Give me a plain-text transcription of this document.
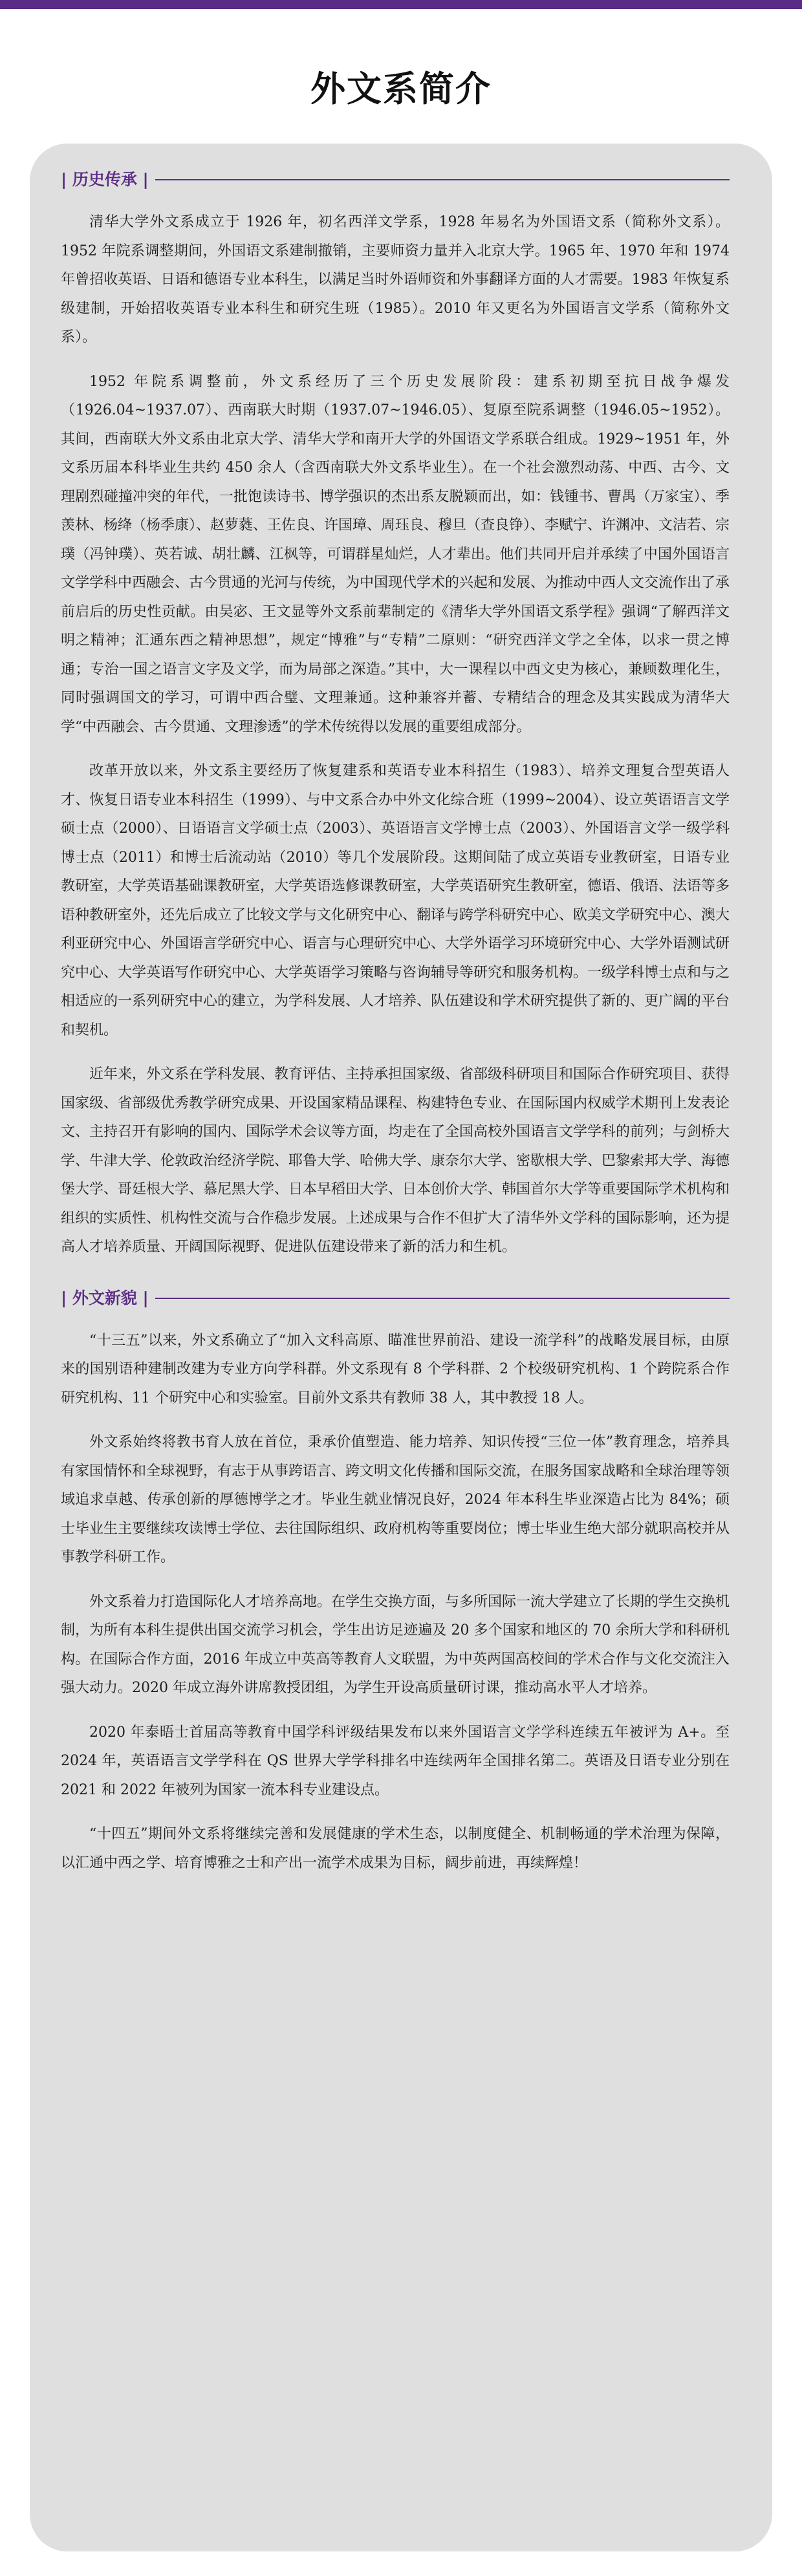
外文系简介
| 历史传承 |

清华大学外文系成立于 1926 年，初名西洋文学系，1928 年易名为外国语文系（简称外文系）。1952 年院系调整期间，外国语文系建制撤销，主要师资力量并入北京大学。1965 年、1970 年和 1974 年曾招收英语、日语和德语专业本科生，以满足当时外语师资和外事翻译方面的人才需要。1983 年恢复系级建制，开始招收英语专业本科生和研究生班（1985）。2010 年又更名为外国语言文学系（简称外文系）。

1952 年院系调整前，外文系经历了三个历史发展阶段：建系初期至抗日战争爆发（1926.04~1937.07）、西南联大时期（1937.07~1946.05）、复原至院系调整（1946.05~1952）。其间，西南联大外文系由北京大学、清华大学和南开大学的外国语文学系联合组成。1929~1951 年，外文系历届本科毕业生共约 450 余人（含西南联大外文系毕业生）。在一个社会激烈动荡、中西、古今、文理剧烈碰撞冲突的年代，一批饱读诗书、博学强识的杰出系友脱颖而出，如：钱锺书、曹禺（万家宝）、季羡林、杨绛（杨季康）、赵萝蕤、王佐良、许国璋、周珏良、穆旦（查良铮）、李赋宁、许渊冲、文洁若、宗璞（冯钟璞）、英若诚、胡壮麟、江枫等，可谓群星灿烂，人才辈出。他们共同开启并承续了中国外国语言文学学科中西融会、古今贯通的光河与传统，为中国现代学术的兴起和发展、为推动中西人文交流作出了承前启后的历史性贡献。由吴宓、王文显等外文系前辈制定的《清华大学外国语文系学程》强调“了解西洋文明之精神；汇通东西之精神思想”，规定“博雅”与“专精”二原则：“研究西洋文学之全体，以求一贯之博通；专治一国之语言文字及文学，而为局部之深造。”其中，大一课程以中西文史为核心，兼顾数理化生，同时强调国文的学习，可谓中西合璧、文理兼通。这种兼容并蓄、专精结合的理念及其实践成为清华大学“中西融会、古今贯通、文理渗透”的学术传统得以发展的重要组成部分。

改革开放以来，外文系主要经历了恢复建系和英语专业本科招生（1983）、培养文理复合型英语人才、恢复日语专业本科招生（1999）、与中文系合办中外文化综合班（1999~2004）、设立英语语言文学硕士点（2000）、日语语言文学硕士点（2003）、英语语言文学博士点（2003）、外国语言文学一级学科博士点（2011）和博士后流动站（2010）等几个发展阶段。这期间陆了成立英语专业教研室，日语专业教研室，大学英语基础课教研室，大学英语选修课教研室，大学英语研究生教研室，德语、俄语、法语等多语种教研室外，还先后成立了比较文学与文化研究中心、翻译与跨学科研究中心、欧美文学研究中心、澳大利亚研究中心、外国语言学研究中心、语言与心理研究中心、大学外语学习环境研究中心、大学外语测试研究中心、大学英语写作研究中心、大学英语学习策略与咨询辅导等研究和服务机构。一级学科博士点和与之相适应的一系列研究中心的建立，为学科发展、人才培养、队伍建设和学术研究提供了新的、更广阔的平台和契机。

近年来，外文系在学科发展、教育评估、主持承担国家级、省部级科研项目和国际合作研究项目、获得国家级、省部级优秀教学研究成果、开设国家精品课程、构建特色专业、在国际国内权威学术期刊上发表论文、主持召开有影响的国内、国际学术会议等方面，均走在了全国高校外国语言文学学科的前列；与剑桥大学、牛津大学、伦敦政治经济学院、耶鲁大学、哈佛大学、康奈尔大学、密歇根大学、巴黎索邦大学、海德堡大学、哥廷根大学、慕尼黑大学、日本早稻田大学、日本创价大学、韩国首尔大学等重要国际学术机构和组织的实质性、机构性交流与合作稳步发展。上述成果与合作不但扩大了清华外文学科的国际影响，还为提高人才培养质量、开阔国际视野、促进队伍建设带来了新的活力和生机。

| 外文新貌 |

“十三五”以来，外文系确立了“加入文科高原、瞄准世界前沿、建设一流学科”的战略发展目标，由原来的国别语种建制改建为专业方向学科群。外文系现有 8 个学科群、2 个校级研究机构、1 个跨院系合作研究机构、11 个研究中心和实验室。目前外文系共有教师 38 人，其中教授 18 人。

外文系始终将教书育人放在首位，秉承价值塑造、能力培养、知识传授“三位一体”教育理念，培养具有家国情怀和全球视野，有志于从事跨语言、跨文明文化传播和国际交流，在服务国家战略和全球治理等领域追求卓越、传承创新的厚德博学之才。毕业生就业情况良好，2024 年本科生毕业深造占比为 84%；硕士毕业生主要继续攻读博士学位、去往国际组织、政府机构等重要岗位；博士毕业生绝大部分就职高校并从事教学科研工作。

外文系着力打造国际化人才培养高地。在学生交换方面，与多所国际一流大学建立了长期的学生交换机制，为所有本科生提供出国交流学习机会，学生出访足迹遍及 20 多个国家和地区的 70 余所大学和科研机构。在国际合作方面，2016 年成立中英高等教育人文联盟，为中英两国高校间的学术合作与文化交流注入强大动力。2020 年成立海外讲席教授团组，为学生开设高质量研讨课，推动高水平人才培养。

2020 年泰晤士首届高等教育中国学科评级结果发布以来外国语言文学学科连续五年被评为 A+。至 2024 年，英语语言文学学科在 QS 世界大学学科排名中连续两年全国排名第二。英语及日语专业分别在 2021 和 2022 年被列为国家一流本科专业建设点。

“十四五”期间外文系将继续完善和发展健康的学术生态，以制度健全、机制畅通的学术治理为保障，以汇通中西之学、培育博雅之士和产出一流学术成果为目标，阔步前进，再续辉煌！
